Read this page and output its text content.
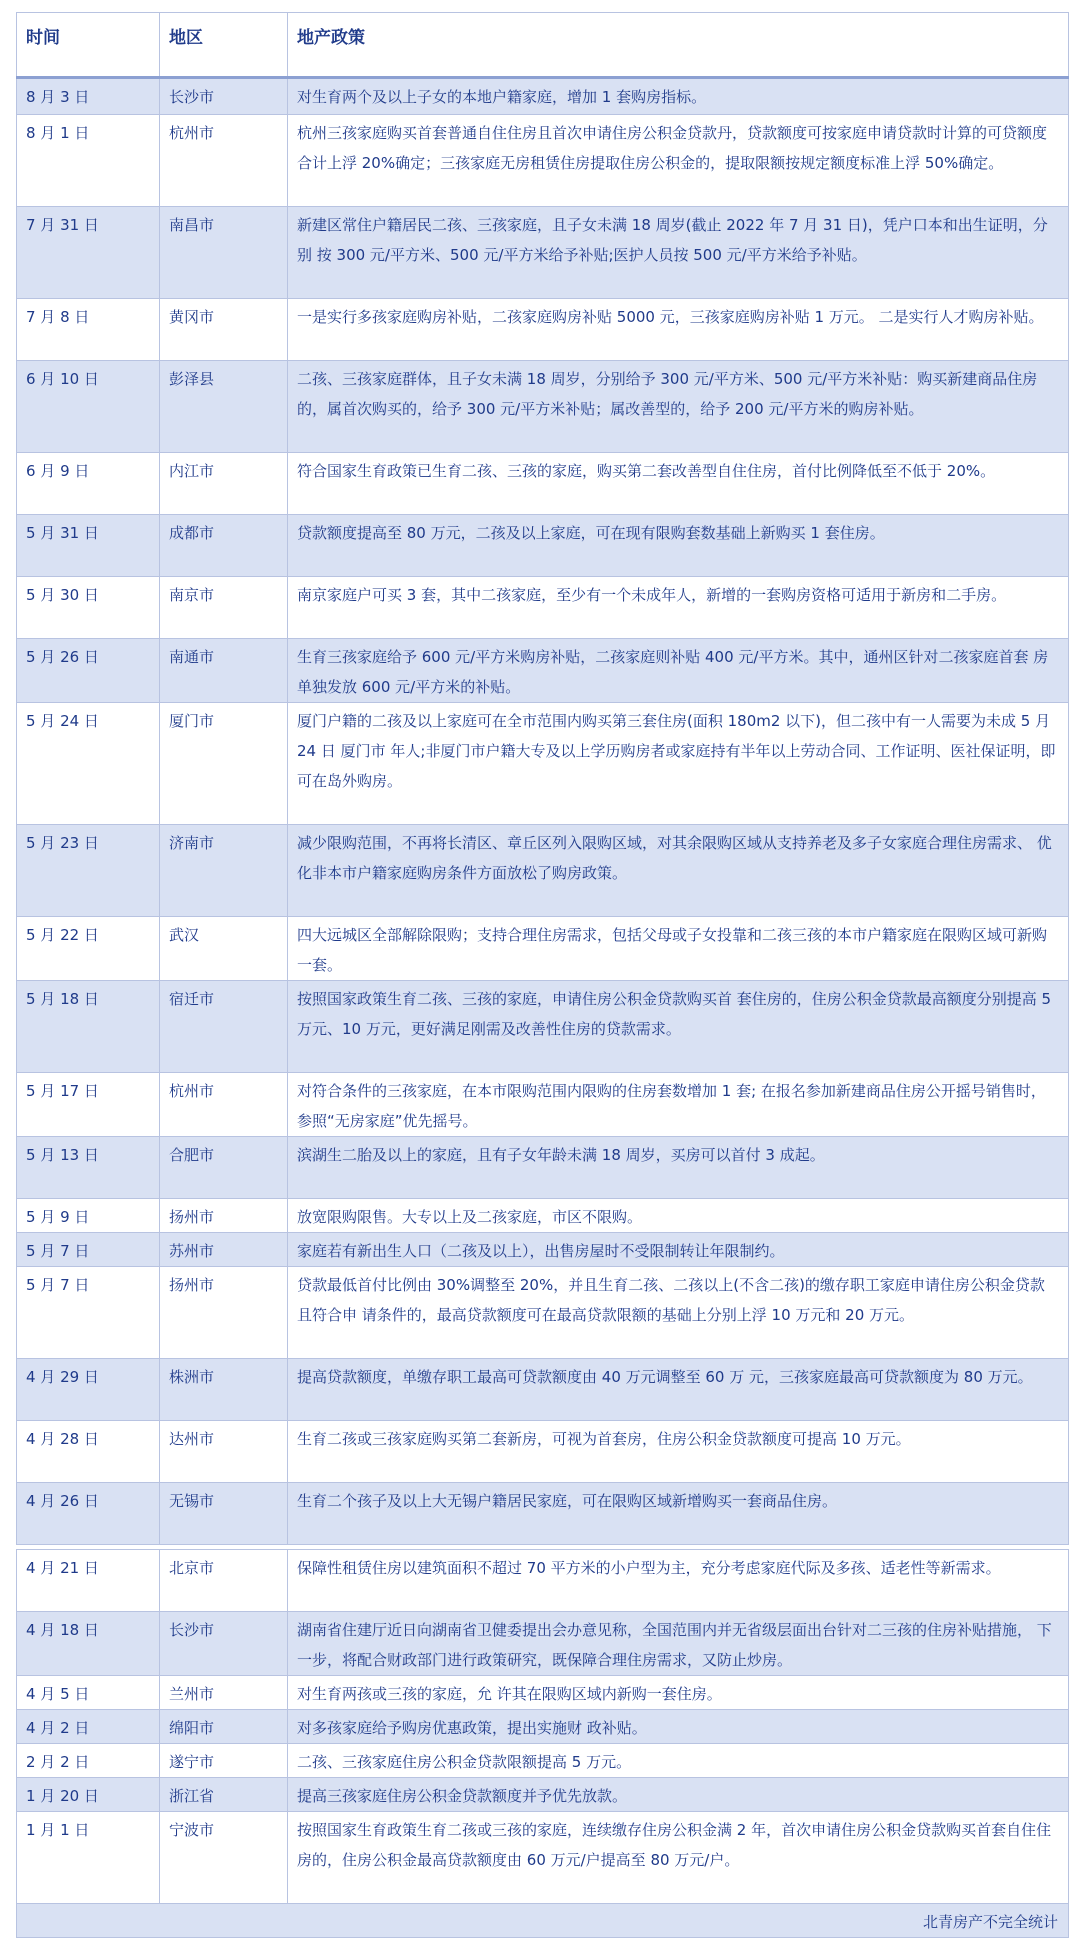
时间	地区	地产政策
8 月 3 日	长沙市	对生育两个及以上子女的本地户籍家庭，增加 1 套购房指标。
8 月 1 日	杭州市	杭州三孩家庭购买首套普通自住住房且首次申请住房公积金贷款丹，贷款额度可按家庭申请贷款时计算的可贷额度合计上浮 20%确定；三孩家庭无房租赁住房提取住房公积金的，提取限额按规定额度标准上浮 50%确定。
7 月 31 日	南昌市	新建区常住户籍居民二孩、三孩家庭，且子女未满 18 周岁(截止 2022 年 7 月 31 日)，凭户口本和出生证明，分别 按 300 元/平方米、500 元/平方米给予补贴;医护人员按 500 元/平方米给予补贴。
7 月 8 日	黄冈市	一是实行多孩家庭购房补贴，二孩家庭购房补贴 5000 元，三孩家庭购房补贴 1 万元。 二是实行人才购房补贴。
6 月 10 日	彭泽县	二孩、三孩家庭群体，且子女未满 18 周岁，分别给予 300 元/平方米、500 元/平方米补贴：购买新建商品住房的，属首次购买的，给予 300 元/平方米补贴；属改善型的，给予 200 元/平方米的购房补贴。
6 月 9 日	内江市	符合国家生育政策已生育二孩、三孩的家庭，购买第二套改善型自住住房，首付比例降低至不低于 20%。
5 月 31 日	成都市	贷款额度提高至 80 万元，二孩及以上家庭，可在现有限购套数基础上新购买 1 套住房。
5 月 30 日	南京市	南京家庭户可买 3 套，其中二孩家庭，至少有一个未成年人，新增的一套购房资格可适用于新房和二手房。
5 月 26 日	南通市	生育三孩家庭给予 600 元/平方米购房补贴，二孩家庭则补贴 400 元/平方米。其中，通州区针对二孩家庭首套 房单独发放 600 元/平方米的补贴。
5 月 24 日	厦门市	厦门户籍的二孩及以上家庭可在全市范围内购买第三套住房(面积 180m2 以下)，但二孩中有一人需要为未成 5 月 24 日 厦门市 年人;非厦门市户籍大专及以上学历购房者或家庭持有半年以上劳动合同、工作证明、医社保证明，即可在岛外购房。
5 月 23 日	济南市	减少限购范围，不再将长清区、章丘区列入限购区域，对其余限购区域从支持养老及多子女家庭合理住房需求、 优化非本市户籍家庭购房条件方面放松了购房政策。
5 月 22 日	武汉	四大远城区全部解除限购；支持合理住房需求，包括父母或子女投靠和二孩三孩的本市户籍家庭在限购区域可新购一套。
5 月 18 日	宿迁市	按照国家政策生育二孩、三孩的家庭，申请住房公积金贷款购买首 套住房的，住房公积金贷款最高额度分别提高 5 万元、10 万元，更好满足刚需及改善性住房的贷款需求。
5 月 17 日	杭州市	对符合条件的三孩家庭，在本市限购范围内限购的住房套数增加 1 套; 在报名参加新建商品住房公开摇号销售时，参照“无房家庭”优先摇号。
5 月 13 日	合肥市	滨湖生二胎及以上的家庭，且有子女年龄未满 18 周岁，买房可以首付 3 成起。
5 月 9 日	扬州市	放宽限购限售。大专以上及二孩家庭，市区不限购。
5 月 7 日	苏州市	家庭若有新出生人口（二孩及以上），出售房屋时不受限制转让年限制约。
5 月 7 日	扬州市	贷款最低首付比例由 30%调整至 20%，并且生育二孩、二孩以上(不含二孩)的缴存职工家庭申请住房公积金贷款且符合申 请条件的，最高贷款额度可在最高贷款限额的基础上分别上浮 10 万元和 20 万元。
4 月 29 日	株洲市	提高贷款额度，单缴存职工最高可贷款额度由 40 万元调整至 60 万 元，三孩家庭最高可贷款额度为 80 万元。
4 月 28 日	达州市	生育二孩或三孩家庭购买第二套新房，可视为首套房，住房公积金贷款额度可提高 10 万元。
4 月 26 日	无锡市	生育二个孩子及以上大无锡户籍居民家庭，可在限购区域新增购买一套商品住房。

4 月 21 日	北京市	保障性租赁住房以建筑面积不超过 70 平方米的小户型为主，充分考虑家庭代际及多孩、适老性等新需求。
4 月 18 日	长沙市	湖南省住建厅近日向湖南省卫健委提出会办意见称，全国范围内并无省级层面出台针对二三孩的住房补贴措施， 下一步，将配合财政部门进行政策研究，既保障合理住房需求，又防止炒房。
4 月 5 日	兰州市	对生育两孩或三孩的家庭，允 许其在限购区域内新购一套住房。
4 月 2 日	绵阳市	对多孩家庭给予购房优惠政策，提出实施财 政补贴。
2 月 2 日	遂宁市	二孩、三孩家庭住房公积金贷款限额提高 5 万元。
1 月 20 日	浙江省	提高三孩家庭住房公积金贷款额度并予优先放款。
1 月 1 日	宁波市	按照国家生育政策生育二孩或三孩的家庭，连续缴存住房公积金满 2 年，首次申请住房公积金贷款购买首套自住住房的，住房公积金最高贷款额度由 60 万元/户提高至 80 万元/户。
北青房产不完全统计		
